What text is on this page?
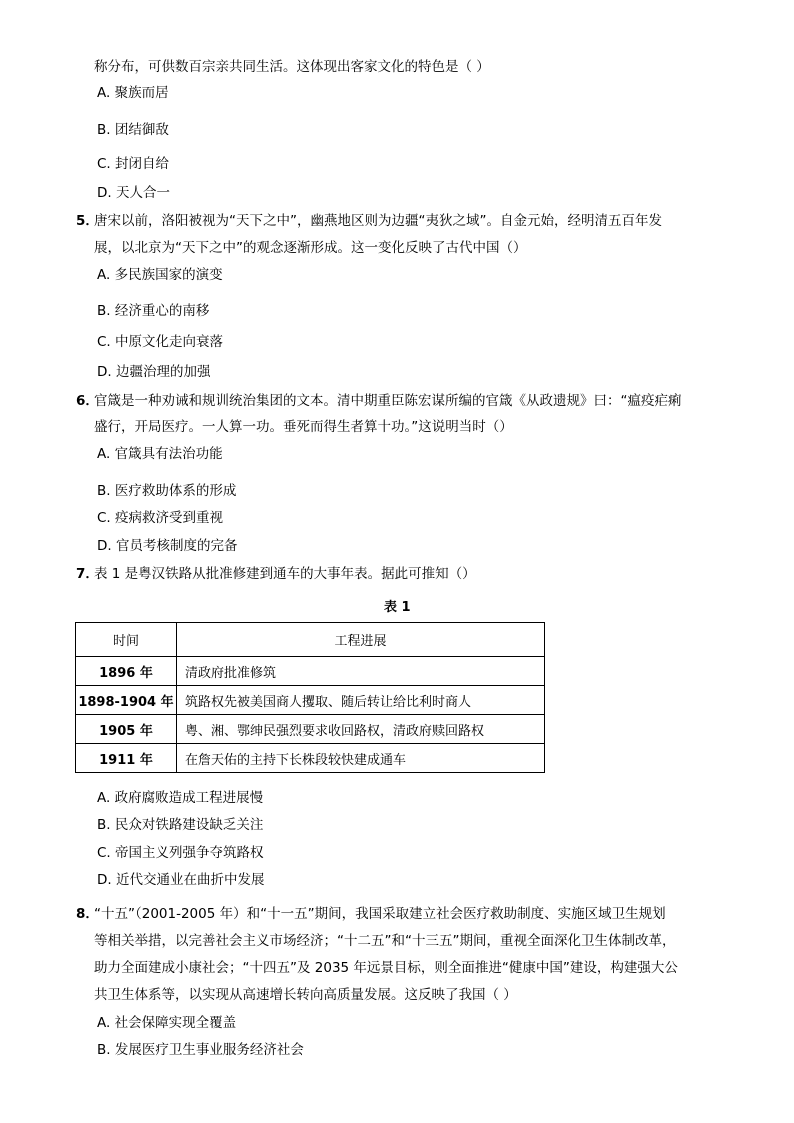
称分布，可供数百宗亲共同生活。这体现出客家文化的特色是（ ）
A. 聚族而居
B. 团结御敌
C. 封闭自给
D. 天人合一
5．
唐宋以前，洛阳被视为“天下之中”，幽燕地区则为边疆“夷狄之域”。自金元始，经明清五百年发
展，以北京为“天下之中”的观念逐渐形成。这一变化反映了古代中国（）
A. 多民族国家的演变
B. 经济重心的南移
C. 中原文化走向衰落
D. 边疆治理的加强
6．
官箴是一种劝诫和规训统治集团的文本。清中期重臣陈宏谋所编的官箴《从政遗规》曰：“瘟疫疟痢
盛行，开局医疗。一人算一功。垂死而得生者算十功。”这说明当时（）
A. 官箴具有法治功能
B. 医疗救助体系的形成
C. 疫病救济受到重视
D. 官员考核制度的完备
7．
表 1 是粤汉铁路从批准修建到通车的大事年表。据此可推知（）
表 1
时间	工程进展
1896 年	清政府批准修筑
1898-1904 年	筑路权先被美国商人攫取、随后转让给比利时商人
1905 年	粤、湘、鄂绅民强烈要求收回路权，清政府赎回路权
1911 年	在詹天佑的主持下长株段较快建成通车
A. 政府腐败造成工程进展慢
B. 民众对铁路建设缺乏关注
C. 帝国主义列强争夺筑路权
D. 近代交通业在曲折中发展
8．
“十五”（2001-2005 年）和“十一五”期间，我国采取建立社会医疗救助制度、实施区域卫生规划
等相关举措，以完善社会主义市场经济；“十二五”和“十三五”期间，重视全面深化卫生体制改革，
助力全面建成小康社会；“十四五”及 2035 年远景目标，则全面推进“健康中国”建设，构建强大公
共卫生体系等，以实现从高速增长转向高质量发展。这反映了我国（ ）
A. 社会保障实现全覆盖
B. 发展医疗卫生事业服务经济社会
